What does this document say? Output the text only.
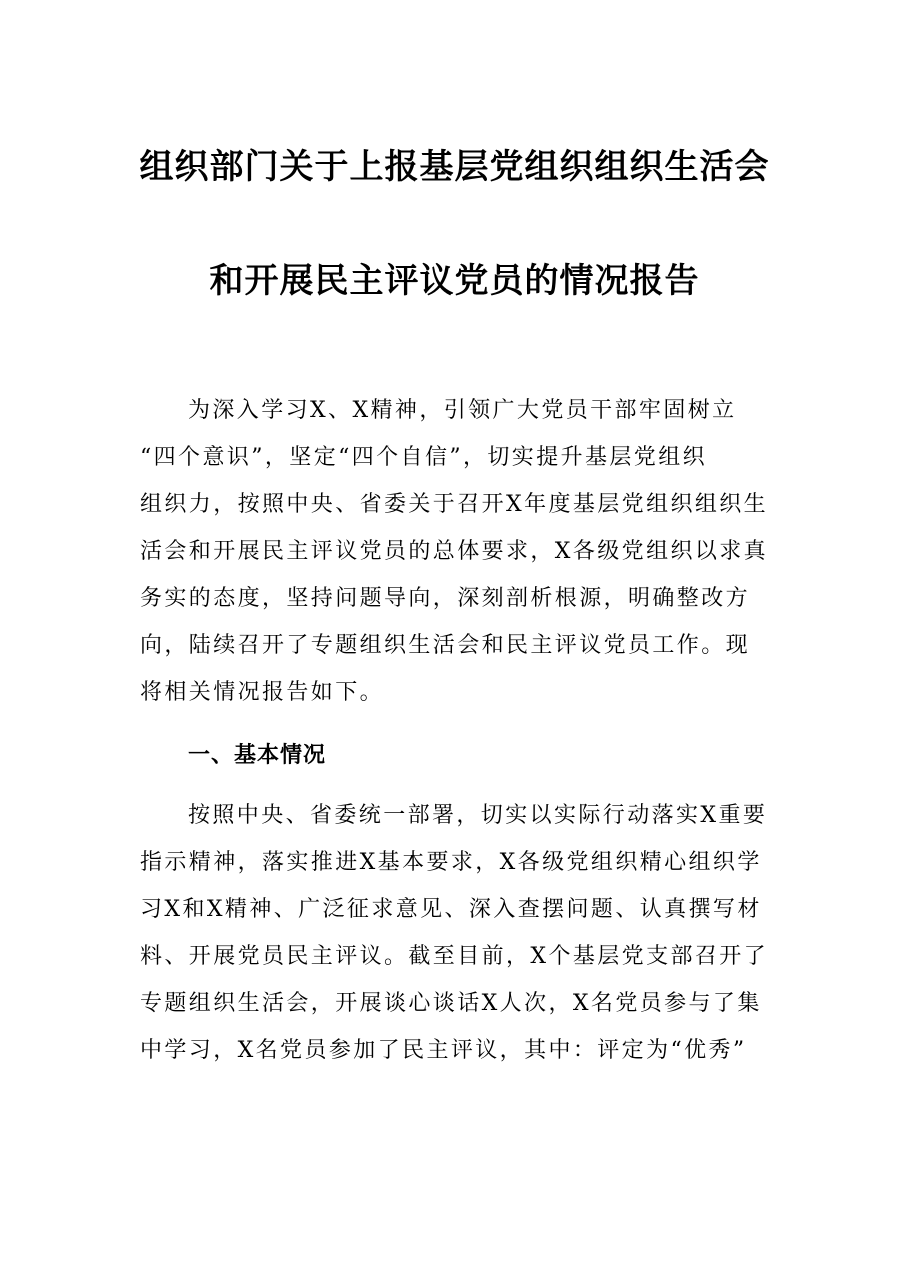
组织部门关于上报基层党组织组织生活会
和开展民主评议党员的情况报告
为深入学习X、X精神，引领广大党员干部牢固树立
“四个意识”，坚定“四个自信”，切实提升基层党组织
组织力，按照中央、省委关于召开X年度基层党组织组织生
活会和开展民主评议党员的总体要求，X各级党组织以求真
务实的态度，坚持问题导向，深刻剖析根源，明确整改方
向，陆续召开了专题组织生活会和民主评议党员工作。现
将相关情况报告如下。
一、基本情况
按照中央、省委统一部署，切实以实际行动落实X重要
指示精神，落实推进X基本要求，X各级党组织精心组织学
习X和X精神、广泛征求意见、深入查摆问题、认真撰写材
料、开展党员民主评议。截至目前，X个基层党支部召开了
专题组织生活会，开展谈心谈话X人次，X名党员参与了集
中学习，X名党员参加了民主评议，其中：评定为“优秀”
